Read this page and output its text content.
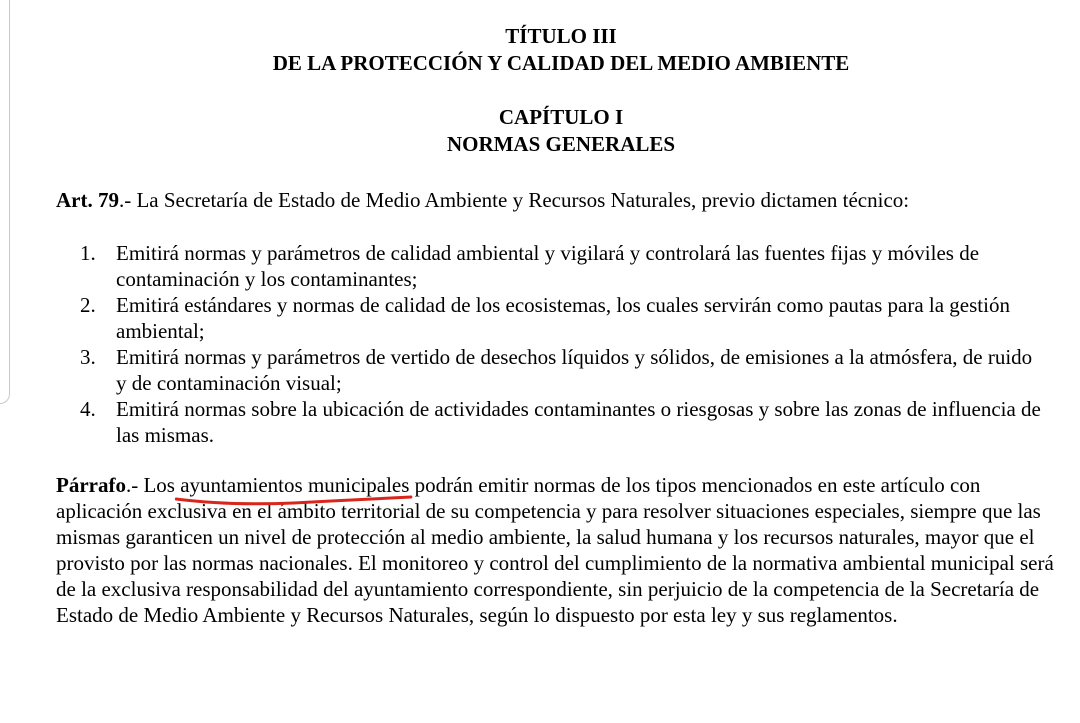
TÍTULO III
DE LA PROTECCIÓN Y CALIDAD DEL MEDIO AMBIENTE
CAPÍTULO I
NORMAS GENERALES

Art. 79.- La Secretaría de Estado de Medio Ambiente y Recursos Naturales, previo dictamen técnico:

1. Emitirá normas y parámetros de calidad ambiental y vigilará y controlará las fuentes fijas y móviles de contaminación y los contaminantes;
2. Emitirá estándares y normas de calidad de los ecosistemas, los cuales servirán como pautas para la gestión ambiental;
3. Emitirá normas y parámetros de vertido de desechos líquidos y sólidos, de emisiones a la atmósfera, de ruido y de contaminación visual;
4. Emitirá normas sobre la ubicación de actividades contaminantes o riesgosas y sobre las zonas de influencia de las mismas.

Párrafo.- Los ayuntamientos municipales
podrán emitir normas de los tipos mencionados en este artículo con aplicación exclusiva en el ámbito territorial de su competencia y para resolver situaciones especiales, siempre que las mismas garanticen un nivel de protección al medio ambiente, la salud humana y los recursos naturales, mayor que el provisto por las normas nacionales. El monitoreo y control del cumplimiento de la normativa ambiental municipal será de la exclusiva responsabilidad del ayuntamiento correspondiente, sin perjuicio de la competencia de la Secretaría de Estado de Medio Ambiente y Recursos Naturales, según lo dispuesto por esta ley y sus reglamentos.
